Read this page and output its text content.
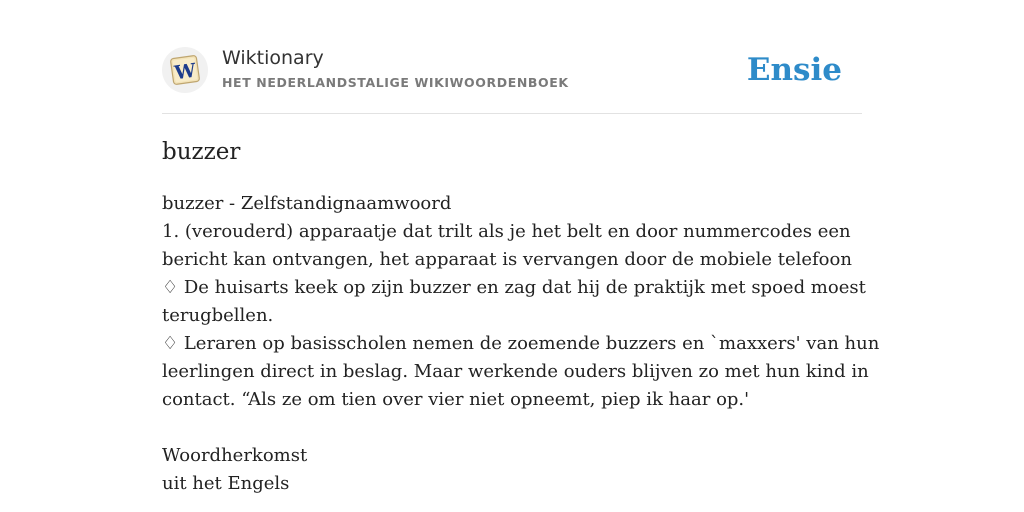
W
Wiktionary
HET NEDERLANDSTALIGE WIKIWOORDENBOEK	Ensie
buzzer

buzzer - Zelfstandignaamwoord

1. (verouderd) apparaatje dat trilt als je het belt en door nummercodes een

bericht kan ontvangen, het apparaat is vervangen door de mobiele telefoon

♢ De huisarts keek op zijn buzzer en zag dat hij de praktijk met spoed moest

terugbellen.

♢ Leraren op basisscholen nemen de zoemende buzzers en `maxxers' van hun

leerlingen direct in beslag. Maar werkende ouders blijven zo met hun kind in

contact. “Als ze om tien over vier niet opneemt, piep ik haar op.'

Woordherkomst

uit het Engels
